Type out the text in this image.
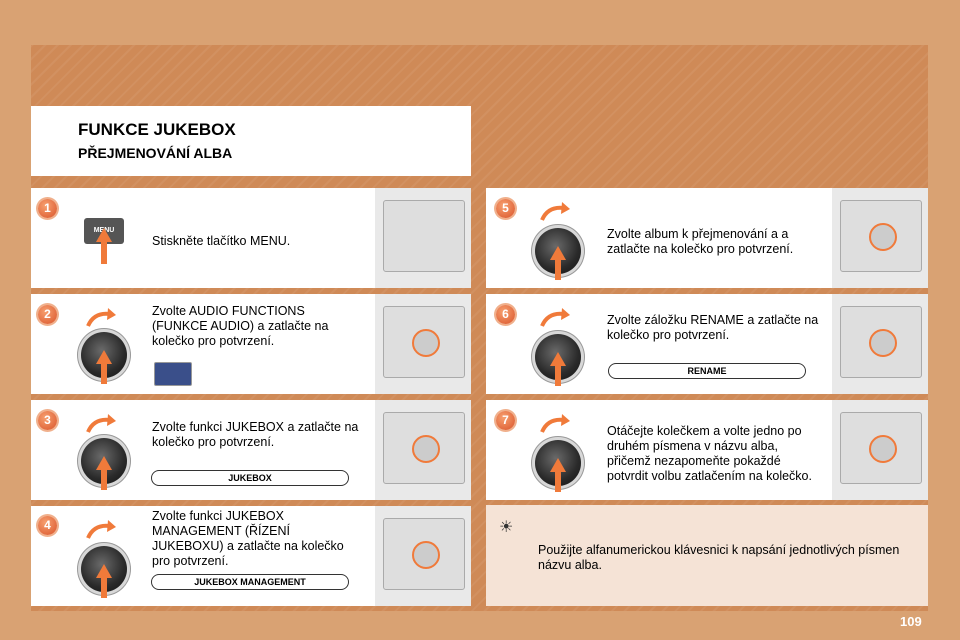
FUNKCE JUKEBOX
PŘEJMENOVÁNÍ ALBA
1
MENU
Stiskněte tlačítko MENU.
2	Zvolte AUDIO FUNCTIONS (FUNKCE AUDIO) a zatlačte na kolečko pro potvrzení.
3	Zvolte funkci JUKEBOX a zatlačte na kolečko pro potvrzení.
JUKEBOX
4
Zvolte funkci JUKEBOX MANAGEMENT (ŘÍZENÍ JUKEBOXU) a zatlačte na kolečko pro potvrzení.
JUKEBOX MANAGEMENT
5
Zvolte album k přejmenování a a zatlačte na kolečko pro potvrzení.
6	Zvolte záložku RENAME a zatlačte na kolečko pro potvrzení.
RENAME
7
Otáčejte kolečkem a volte jedno po druhém písmena v názvu alba, přičemž nezapomeňte pokaždé potvrdit volbu zatlačením na kolečko.
☀
Použijte alfanumerickou klávesnici k napsání jednotlivých písmen názvu alba.
109
